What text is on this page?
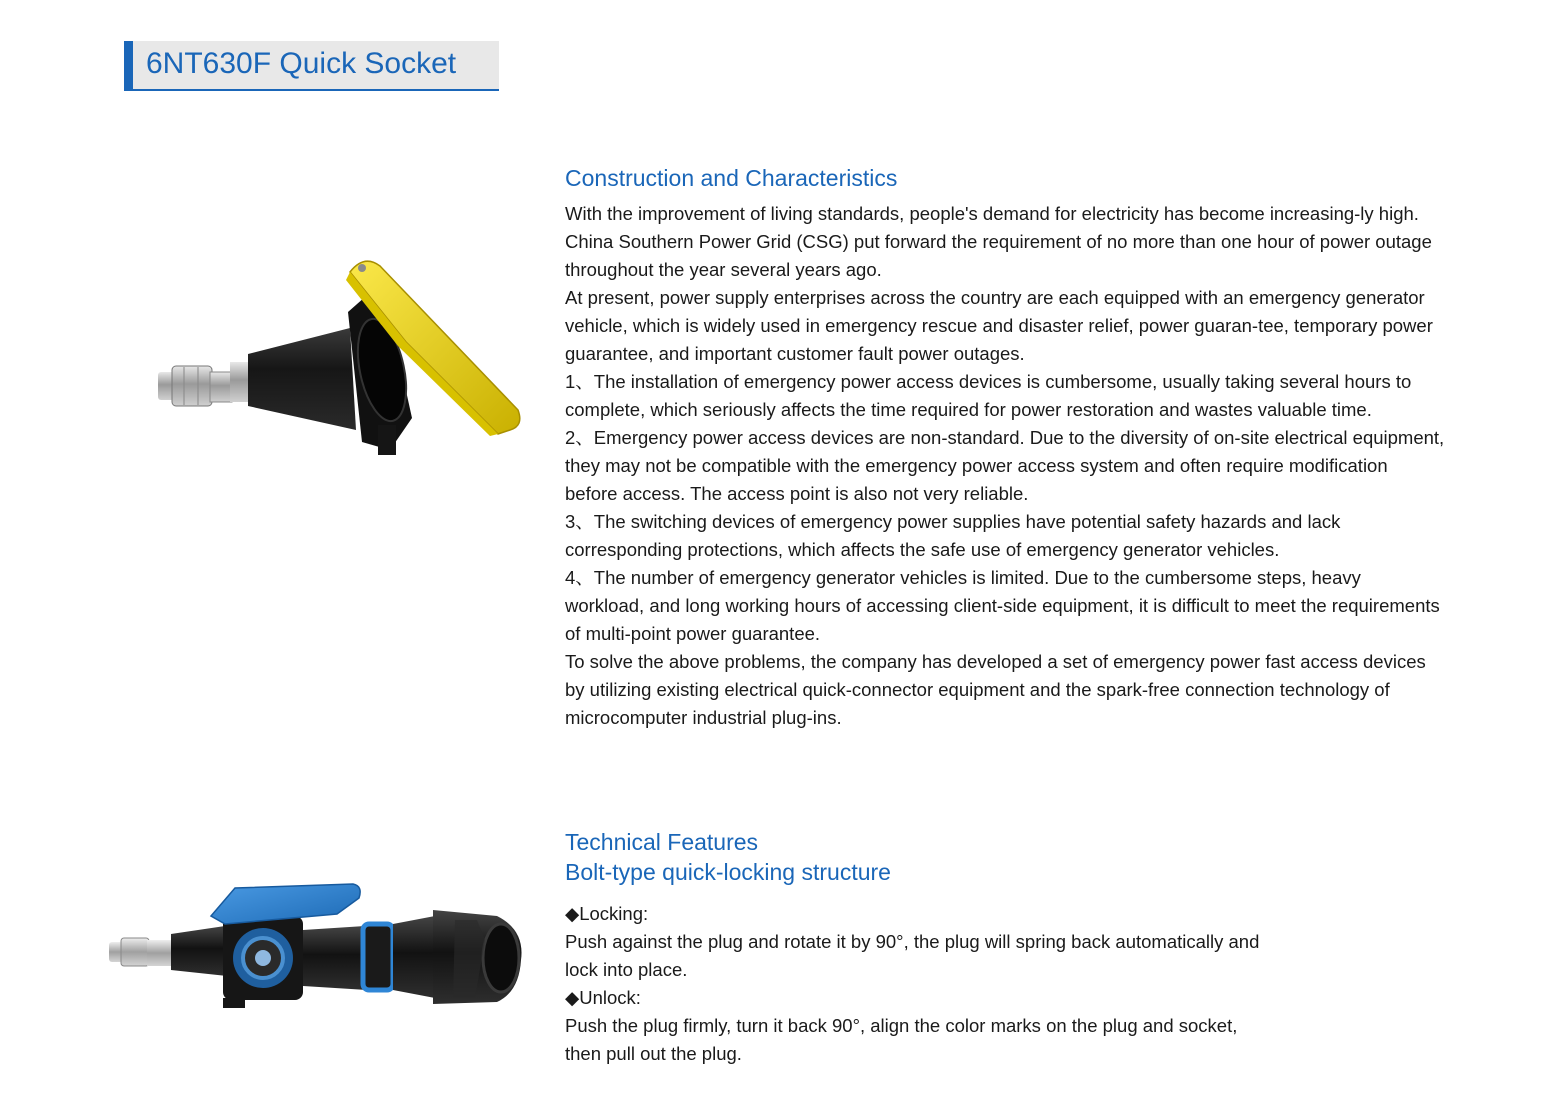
6NT630F Quick Socket
Construction and Characteristics

With the improvement of living standards, people's demand for electricity has become increasing-ly high. China Southern Power Grid (CSG) put forward the requirement of no more than one hour of power outage throughout the year several years ago.

At present, power supply enterprises across the country are each equipped with an emergency generator vehicle, which is widely used in emergency rescue and disaster relief, power guaran-tee, temporary power guarantee, and important customer fault power outages.

1、The installation of emergency power access devices is cumbersome, usually taking several hours to complete, which seriously affects the time required for power restoration and wastes valuable time.

2、Emergency power access devices are non-standard. Due to the diversity of on-site electrical equipment, they may not be compatible with the emergency power access system and often require modification before access. The access point is also not very reliable.

3、The switching devices of emergency power supplies have potential safety hazards and lack corresponding protections, which affects the safe use of emergency generator vehicles.

4、The number of emergency generator vehicles is limited. Due to the cumbersome steps, heavy workload, and long working hours of accessing client-side equipment, it is difficult to meet the requirements of multi-point power guarantee.

To solve the above problems, the company has developed a set of emergency power fast access devices by utilizing existing electrical quick-connector equipment and the spark-free connection technology of microcomputer industrial plug-ins.

Technical Features
Bolt-type quick-locking structure

◆Locking:

Push against the plug and rotate it by 90°, the plug will spring back automatically and

lock into place.

◆Unlock:

Push the plug firmly, turn it back 90°, align the color marks on the plug and socket,

then pull out the plug.
